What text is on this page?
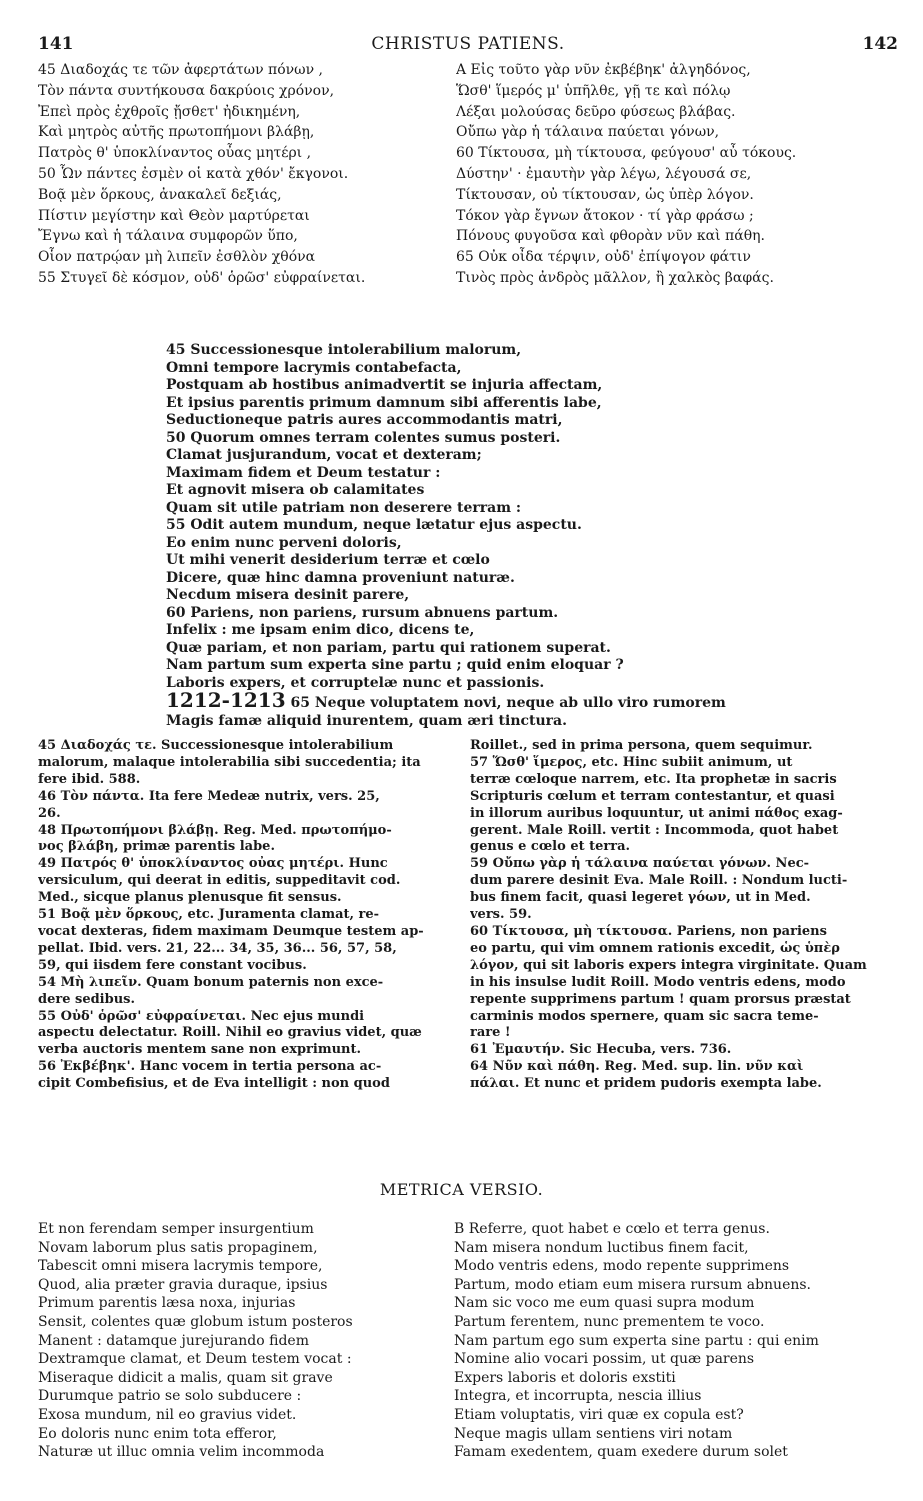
141	CHRISTUS PATIENS.	142
45 Διαδοχάς τε τῶν ἀφερτάτων πόνων ,
Τὸν πάντα συντήκουσα δακρύοις χρόνον,
Ἐπεὶ πρὸς ἐχθροῖς ᾔσθετ' ἠδικημένη,
Καὶ μητρὸς αὐτῆς πρωτοπήμονι βλάβῃ,
Πατρὸς θ' ὑποκλίναντος οὖας μητέρι ,
50 Ὧν πάντες ἐσμὲν οἱ κατὰ χθόν' ἔκγονοι.
Βοᾷ μὲν ὅρκους, ἀνακαλεῖ δεξιάς,
Πίστιν μεγίστην καὶ Θεὸν μαρτύρεται
Ἔγνω καὶ ἡ τάλαινα συμφορῶν ὕπο,
Οἷον πατρῴαν μὴ λιπεῖν ἐσθλὸν χθόνα
55 Στυγεῖ δὲ κόσμον, οὐδ' ὁρῶσ' εὐφραίνεται.
A Εἰς τοῦτο γὰρ νῦν ἐκβέβηκ' ἀλγηδόνος,
Ὥσθ' ἵμερός μ' ὑπῆλθε, γῇ τε καὶ πόλῳ
Λέξαι μολούσας δεῦρο φύσεως βλάβας.
Οὔπω γὰρ ἡ τάλαινα παύεται γόνων,
60 Τίκτουσα, μὴ τίκτουσα, φεύγουσ' αὖ τόκους.
Δύστην' · ἐμαυτὴν γὰρ λέγω, λέγουσά σε,
Τίκτουσαν, οὐ τίκτουσαν, ὡς ὑπὲρ λόγον.
Τόκον γὰρ ἔγνων ἄτοκον · τί γὰρ φράσω ;
Πόνους φυγοῦσα καὶ φθορὰν νῦν καὶ πάθη.
65 Οὐκ οἶδα τέρψιν, οὐδ' ἐπίψογον φάτιν
Τινὸς πρὸς ἀνδρὸς μᾶλλον, ἢ χαλκὸς βαφάς.
45 Successionesque intolerabilium malorum,
Omni tempore lacrymis contabefacta,
Postquam ab hostibus animadvertit se injuria affectam,
Et ipsius parentis primum damnum sibi afferentis labe,
Seductioneque patris aures accommodantis matri,
50 Quorum omnes terram colentes sumus posteri.
Clamat jusjurandum, vocat et dexteram;
Maximam fidem et Deum testatur :
Et agnovit misera ob calamitates
Quam sit utile patriam non deserere terram :
55 Odit autem mundum, neque lætatur ejus aspectu.
Eo enim nunc perveni doloris,
Ut mihi venerit desiderium terræ et cœlo
Dicere, quæ hinc damna proveniunt naturæ.
Necdum misera desinit parere,
60 Pariens, non pariens, rursum abnuens partum.
Infelix : me ipsam enim dico, dicens te,
Quæ pariam, et non pariam, partu qui rationem superat.
Nam partum sum experta sine partu ; quid enim eloquar ?
Laboris expers, et corruptelæ nunc et passionis.
1212-1213 65 Neque voluptatem novi, neque ab ullo viro rumorem
Magis famæ aliquid inurentem, quam æri tinctura.
45 Διαδοχάς τε. Successionesque intolerabilium
malorum, malaque intolerabilia sibi succedentia; ita
fere ibid. 588.
46 Τὸν πάντα. Ita fere Medeæ nutrix, vers. 25,
26.
48 Πρωτοπήμονι βλάβῃ. Reg. Med. πρωτοπήμο-
νος βλάβη, primæ parentis labe.
49 Πατρός θ' ὑποκλίναντος οὖας μητέρι. Hunc
versiculum, qui deerat in editis, suppeditavit cod.
Med., sicque planus plenusque fit sensus.
51 Βοᾷ μὲν ὅρκους, etc. Juramenta clamat, re-
vocat dexteras, fidem maximam Deumque testem ap-
pellat. Ibid. vers. 21, 22... 34, 35, 36... 56, 57, 58,
59, qui iisdem fere constant vocibus.
54 Μὴ λιπεῖν. Quam bonum paternis non exce-
dere sedibus.
55 Οὐδ' ὁρῶσ' εὐφραίνεται. Nec ejus mundi
aspectu delectatur. Roill. Nihil eo gravius videt, quæ
verba auctoris mentem sane non exprimunt.
56 Ἐκβέβηκ'. Hanc vocem in tertia persona ac-
cipit Combefisius, et de Eva intelligit : non quod
Roillet., sed in prima persona, quem sequimur.
57 Ὥσθ' ἵμερος, etc. Hinc subiit animum, ut
terræ cœloque narrem, etc. Ita prophetæ in sacris
Scripturis cœlum et terram contestantur, et quasi
in illorum auribus loquuntur, ut animi πάθος exag-
gerent. Male Roill. vertit : Incommoda, quot habet
genus e cœlo et terra.
59 Οὔπω γὰρ ἡ τάλαινα παύεται γόνων. Nec-
dum parere desinit Eva. Male Roill. : Nondum lucti-
bus finem facit, quasi legeret γόων, ut in Med.
vers. 59.
60 Τίκτουσα, μὴ τίκτουσα. Pariens, non pariens
eo partu, qui vim omnem rationis excedit, ὡς ὑπὲρ
λόγον, qui sit laboris expers integra virginitate. Quam
in his insulse ludit Roill. Modo ventris edens, modo
repente supprimens partum ! quam prorsus præstat
carminis modos spernere, quam sic sacra teme-
rare !
61 Ἐμαυτήν. Sic Hecuba, vers. 736.
64 Νῦν καὶ πάθη. Reg. Med. sup. lin. νῦν καὶ
πάλαι. Et nunc et pridem pudoris exempta labe.
METRICA VERSIO.
Et non ferendam semper insurgentium
Novam laborum plus satis propaginem,
Tabescit omni misera lacrymis tempore,
Quod, alia præter gravia duraque, ipsius
Primum parentis læsa noxa, injurias
Sensit, colentes quæ globum istum posteros
Manent : datamque jurejurando fidem
Dextramque clamat, et Deum testem vocat :
Miseraque didicit a malis, quam sit grave
Durumque patrio se solo subducere :
Exosa mundum, nil eo gravius videt.
Eo doloris nunc enim tota efferor,
Naturæ ut illuc omnia velim incommoda
B Referre, quot habet e cœlo et terra genus.
Nam misera nondum luctibus finem facit,
Modo ventris edens, modo repente supprimens
Partum, modo etiam eum misera rursum abnuens.
Nam sic voco me eum quasi supra modum
Partum ferentem, nunc prementem te voco.
Nam partum ego sum experta sine partu : qui enim
Nomine alio vocari possim, ut quæ parens
Expers laboris et doloris exstiti
Integra, et incorrupta, nescia illius
Etiam voluptatis, viri quæ ex copula est?
Neque magis ullam sentiens viri notam
Famam exedentem, quam exedere durum solet
